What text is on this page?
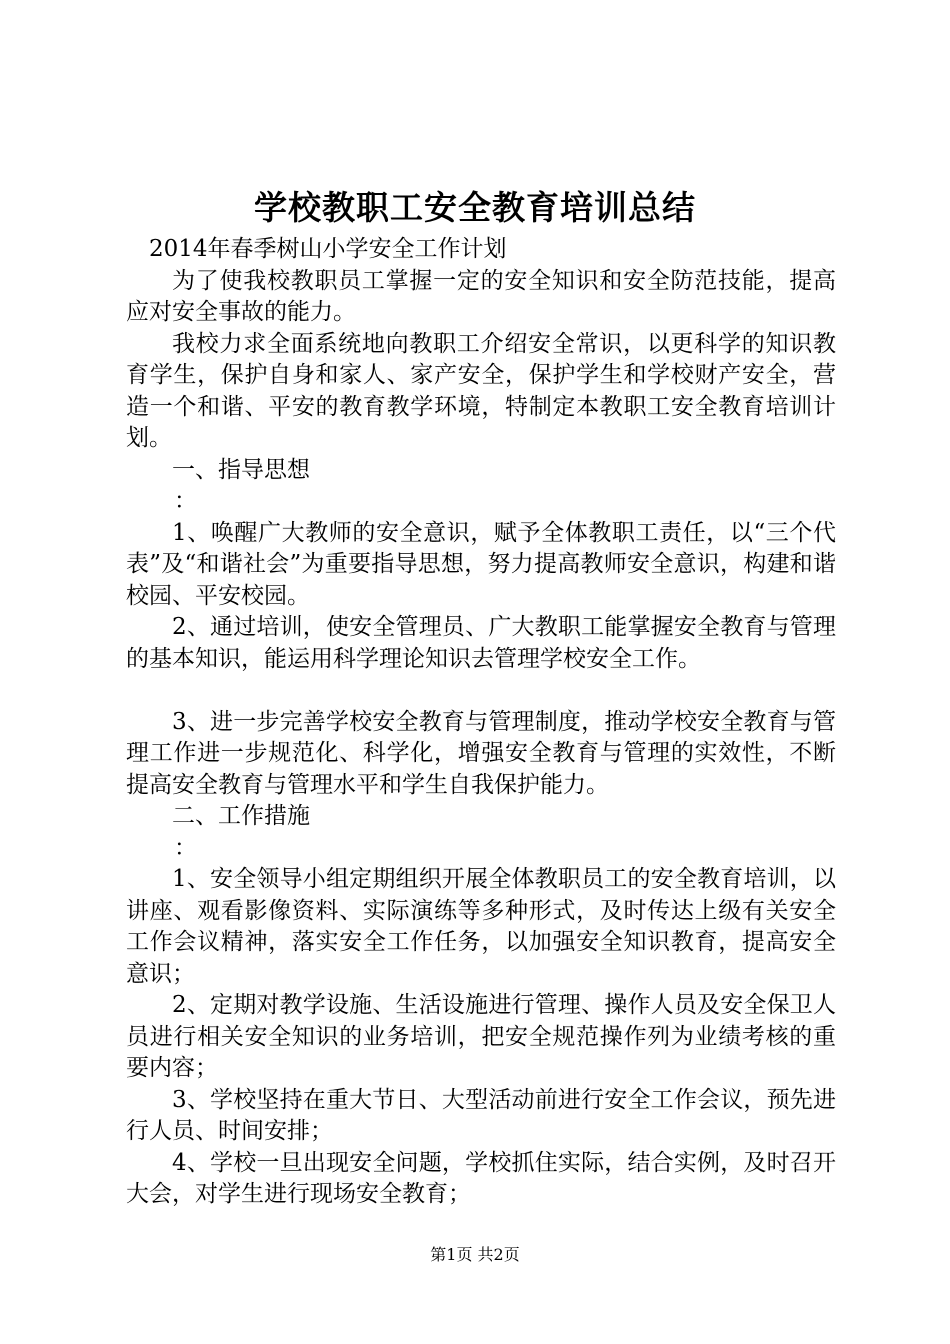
学校教职工安全教育培训总结

2014年春季树山小学安全工作计划

为了使我校教职员工掌握一定的安全知识和安全防范技能，提高应对安全事故的能力。

我校力求全面系统地向教职工介绍安全常识，以更科学的知识教育学生，保护自身和家人、家产安全，保护学生和学校财产安全，营造一个和谐、平安的教育教学环境，特制定本教职工安全教育培训计划。

一、指导思想

：

1、唤醒广大教师的安全意识，赋予全体教职工责任，以“三个代表”及“和谐社会”为重要指导思想，努力提高教师安全意识，构建和谐校园、平安校园。

2、通过培训，使安全管理员、广大教职工能掌握安全教育与管理的基本知识，能运用科学理论知识去管理学校安全工作。

3、进一步完善学校安全教育与管理制度，推动学校安全教育与管理工作进一步规范化、科学化，增强安全教育与管理的实效性，不断提高安全教育与管理水平和学生自我保护能力。

二、工作措施

：

1、安全领导小组定期组织开展全体教职员工的安全教育培训，以讲座、观看影像资料、实际演练等多种形式，及时传达上级有关安全工作会议精神，落实安全工作任务，以加强安全知识教育，提高安全意识；

2、定期对教学设施、生活设施进行管理、操作人员及安全保卫人员进行相关安全知识的业务培训，把安全规范操作列为业绩考核的重要内容；

3、学校坚持在重大节日、大型活动前进行安全工作会议，预先进行人员、时间安排；

4、学校一旦出现安全问题，学校抓住实际，结合实例，及时召开大会，对学生进行现场安全教育；

第1页 共2页
